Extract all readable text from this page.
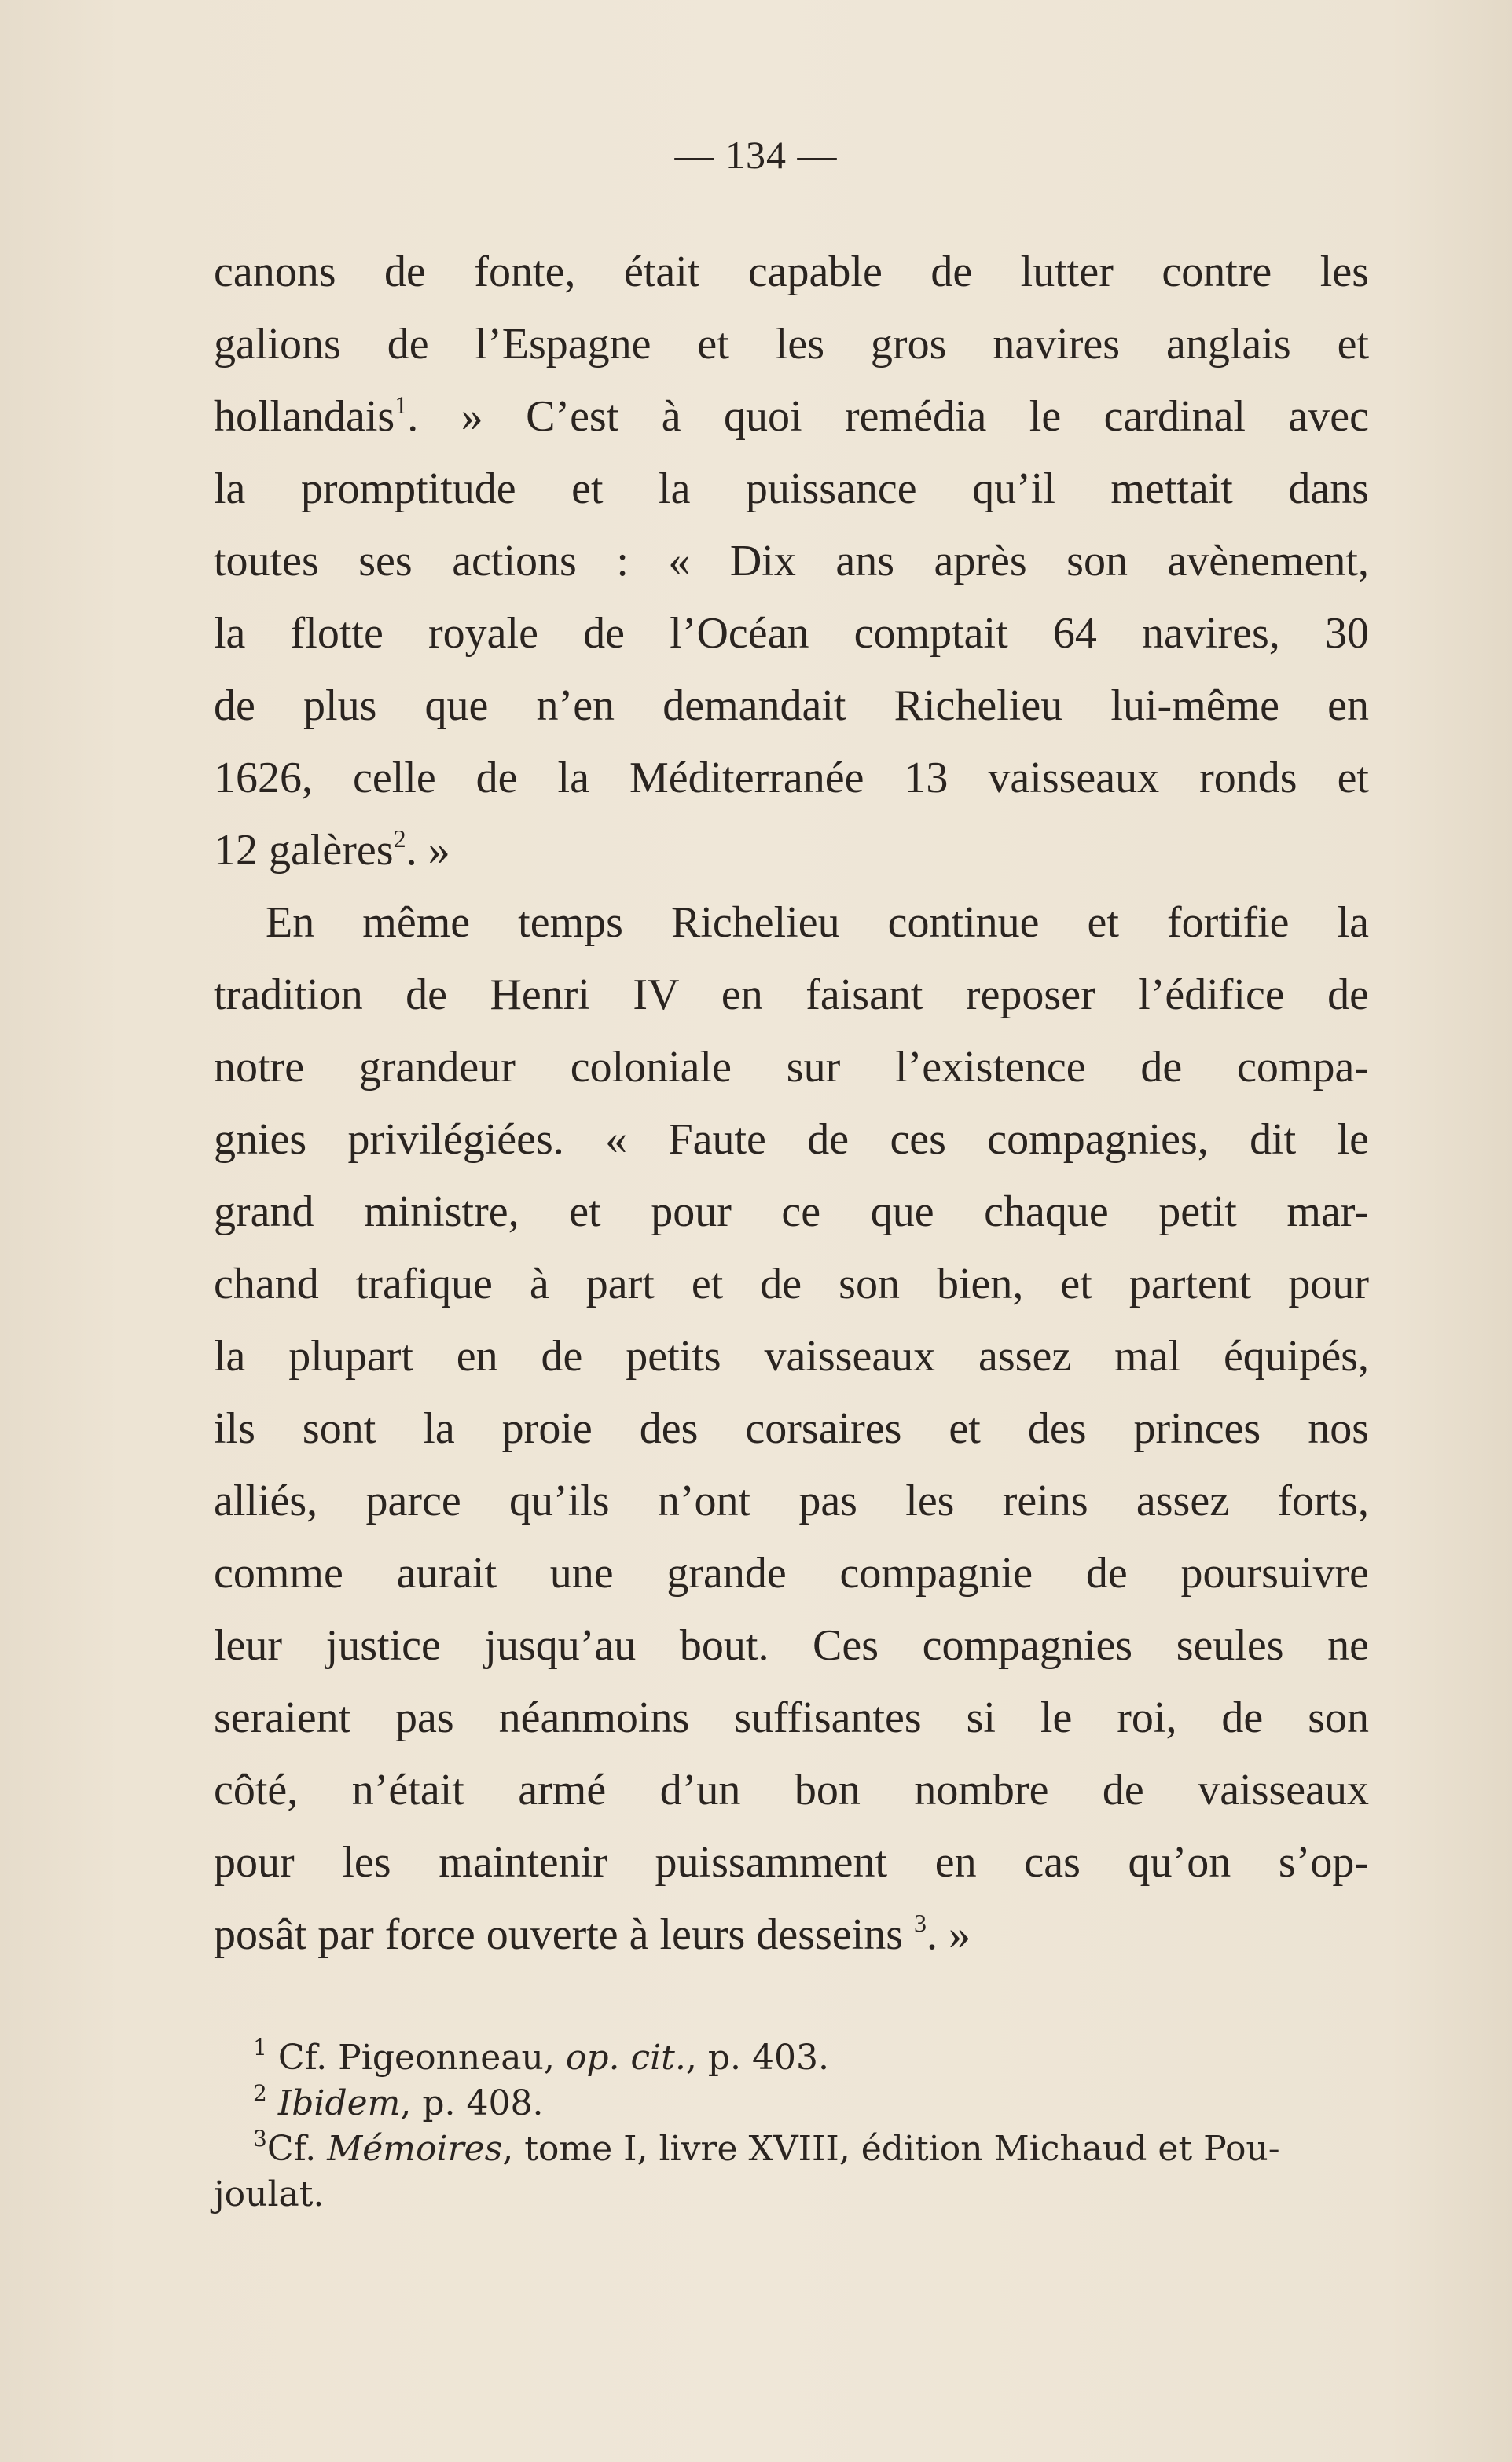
— 134 —
canons de fonte, était capable de lutter contre les
galions de l’Espagne et les gros navires anglais et
hollandais$^1$. » C’est à quoi remédia le cardinal avec
la promptitude et la puissance qu’il mettait dans
toutes ses actions : « Dix ans après son avènement,
la flotte royale de l’Océan comptait 64 navires, 30
de plus que n’en demandait Richelieu lui-même en
1626, celle de la Méditerranée 13 vaisseaux ronds et
12 galères$^2$. »
En même temps Richelieu continue et fortifie la
tradition de Henri IV en faisant reposer l’édifice de
notre grandeur coloniale sur l’existence de compa-
gnies privilégiées. « Faute de ces compagnies, dit le
grand ministre, et pour ce que chaque petit mar-
chand trafique à part et de son bien, et partent pour
la plupart en de petits vaisseaux assez mal équipés,
ils sont la proie des corsaires et des princes nos
alliés, parce qu’ils n’ont pas les reins assez forts,
comme aurait une grande compagnie de poursuivre
leur justice jusqu’au bout. Ces compagnies seules ne
seraient pas néanmoins suffisantes si le roi, de son
côté, n’était armé d’un bon nombre de vaisseaux
pour les maintenir puissamment en cas qu’on s’op-
posât par force ouverte à leurs desseins $^3$. »
$^1$ Cf. Pigeonneau, op. cit., p. 403.
$^2$ Ibidem, p. 408.
$^3$Cf. Mémoires, tome I, livre XVIII, édition Michaud et Pou-
joulat.
